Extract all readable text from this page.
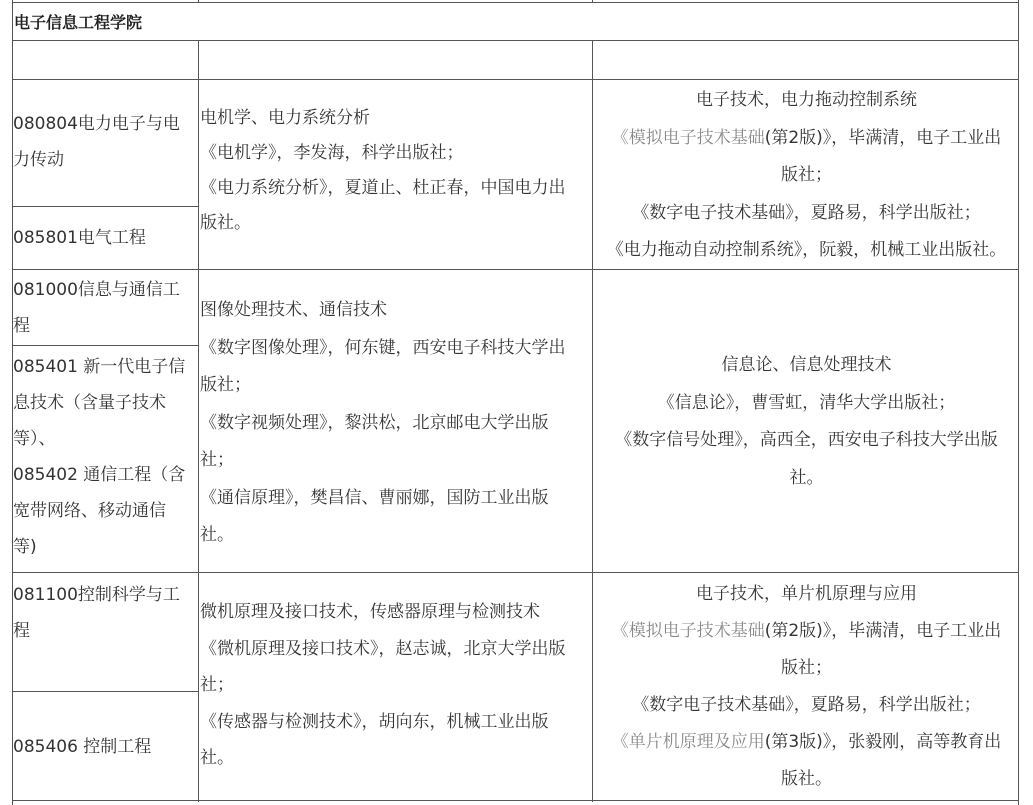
电子信息工程学院
080804电力电子与电
力传动
085801电气工程
电机学、电力系统分析
《电机学》，李发海，科学出版社；
《电力系统分析》，夏道止、杜正春，中国电力出
版社。
电子技术，电力拖动控制系统
《模拟电子技术基础(第2版)》，毕满清，电子工业出
版社；
《数字电子技术基础》，夏路易，科学出版社；
《电力拖动自动控制系统》，阮毅，机械工业出版社。
081000信息与通信工
程
085401 新一代电子信
息技术（含量子技术
等）、
085402 通信工程（含
宽带网络、移动通信
等)
图像处理技术、通信技术
《数字图像处理》，何东键，西安电子科技大学出
版社；
《数字视频处理》，黎洪松，北京邮电大学出版
社；
《通信原理》，樊昌信、曹丽娜，国防工业出版
社。
信息论、信息处理技术
《信息论》，曹雪虹，清华大学出版社；
《数字信号处理》，高西全，西安电子科技大学出版
社。
081100控制科学与工
程
085406 控制工程
微机原理及接口技术，传感器原理与检测技术
《微机原理及接口技术》，赵志诚，北京大学出版
社；
《传感器与检测技术》，胡向东，机械工业出版
社。
电子技术，单片机原理与应用
《模拟电子技术基础(第2版)》，毕满清，电子工业出
版社；
《数字电子技术基础》，夏路易，科学出版社；
《单片机原理及应用(第3版)》，张毅刚，高等教育出
版社。
